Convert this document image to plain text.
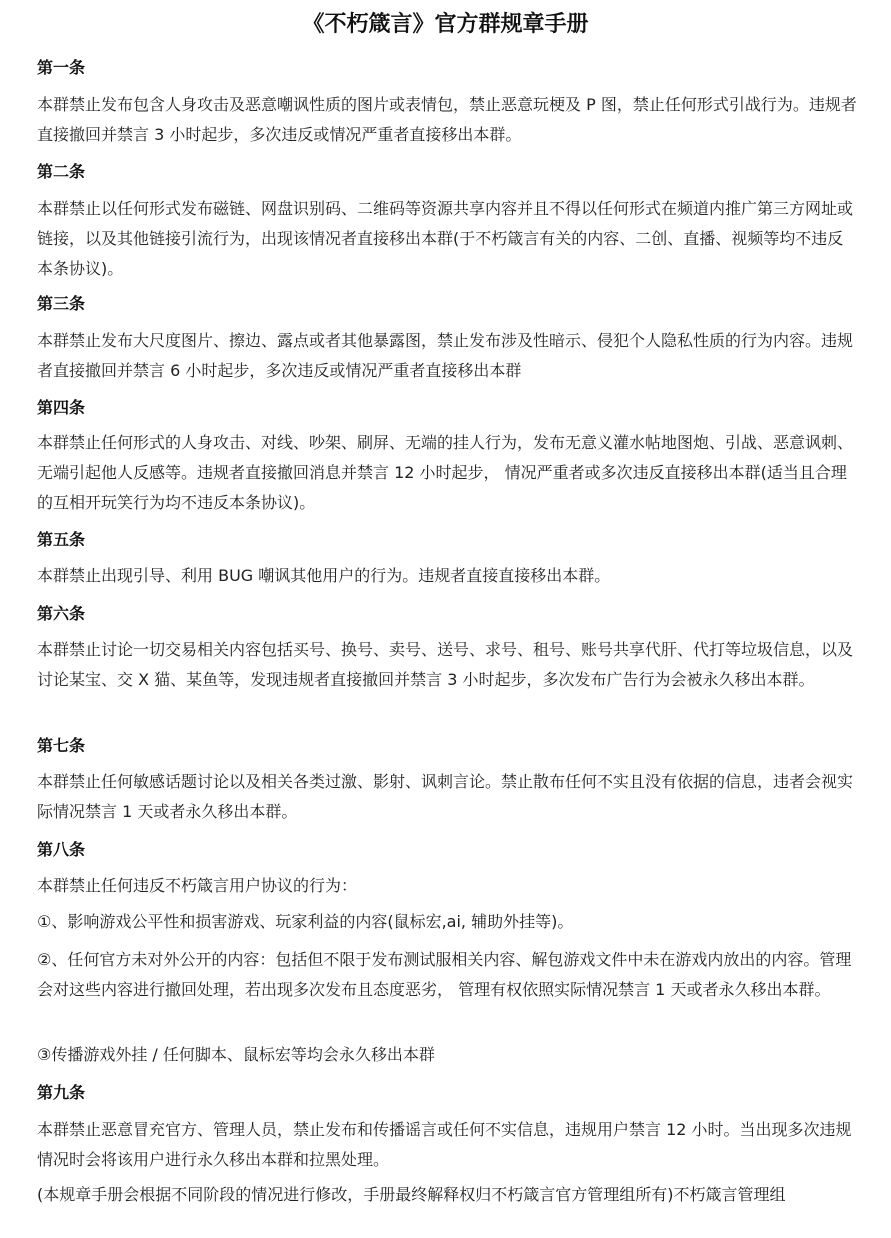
《不朽箴言》官方群规章手册
第一条
本群禁止发布包含人身攻击及恶意嘲讽性质的图片或表情包，禁止恶意玩梗及 P 图，禁止任何形式引战行为。违规者直接撤回并禁言 3 小时起步，多次违反或情况严重者直接移出本群。
第二条
本群禁止以任何形式发布磁链、网盘识别码、二维码等资源共享内容并且不得以任何形式在频道内推广第三方网址或链接，以及其他链接引流行为，出现该情况者直接移出本群(于不朽箴言有关的内容、二创、直播、视频等均不违反本条协议)。
第三条
本群禁止发布大尺度图片、擦边、露点或者其他暴露图，禁止发布涉及性暗示、侵犯个人隐私性质的行为内容。违规者直接撤回并禁言 6 小时起步，多次违反或情况严重者直接移出本群
第四条
本群禁止任何形式的人身攻击、对线、吵架、刷屏、无端的挂人行为，发布无意义灌水帖地图炮、引战、恶意讽刺、无端引起他人反感等。违规者直接撤回消息并禁言 12 小时起步， 情况严重者或多次违反直接移出本群(适当且合理的互相开玩笑行为均不违反本条协议)。
第五条
本群禁止出现引导、利用 BUG 嘲讽其他用户的行为。违规者直接直接移出本群。
第六条
本群禁止讨论一切交易相关内容包括买号、换号、卖号、送号、求号、租号、账号共享代肝、代打等垃圾信息，以及讨论某宝、交 X 猫、某鱼等，发现违规者直接撤回并禁言 3 小时起步，多次发布广告行为会被永久移出本群。
第七条
本群禁止任何敏感话题讨论以及相关各类过激、影射、讽刺言论。禁止散布任何不实且没有依据的信息，违者会视实际情况禁言 1 天或者永久移出本群。
第八条
本群禁止任何违反不朽箴言用户协议的行为：
①、影响游戏公平性和损害游戏、玩家利益的内容(鼠标宏,ai, 辅助外挂等)。
②、任何官方未对外公开的内容：包括但不限于发布测试服相关内容、解包游戏文件中未在游戏内放出的内容。管理会对这些内容进行撤回处理，若出现多次发布且态度恶劣， 管理有权依照实际情况禁言 1 天或者永久移出本群。
③传播游戏外挂 / 任何脚本、鼠标宏等均会永久移出本群
第九条
本群禁止恶意冒充官方、管理人员，禁止发布和传播谣言或任何不实信息，违规用户禁言 12 小时。当出现多次违规情况时会将该用户进行永久移出本群和拉黑处理。
(本规章手册会根据不同阶段的情况进行修改，手册最终解释权归不朽箴言官方管理组所有)不朽箴言管理组
